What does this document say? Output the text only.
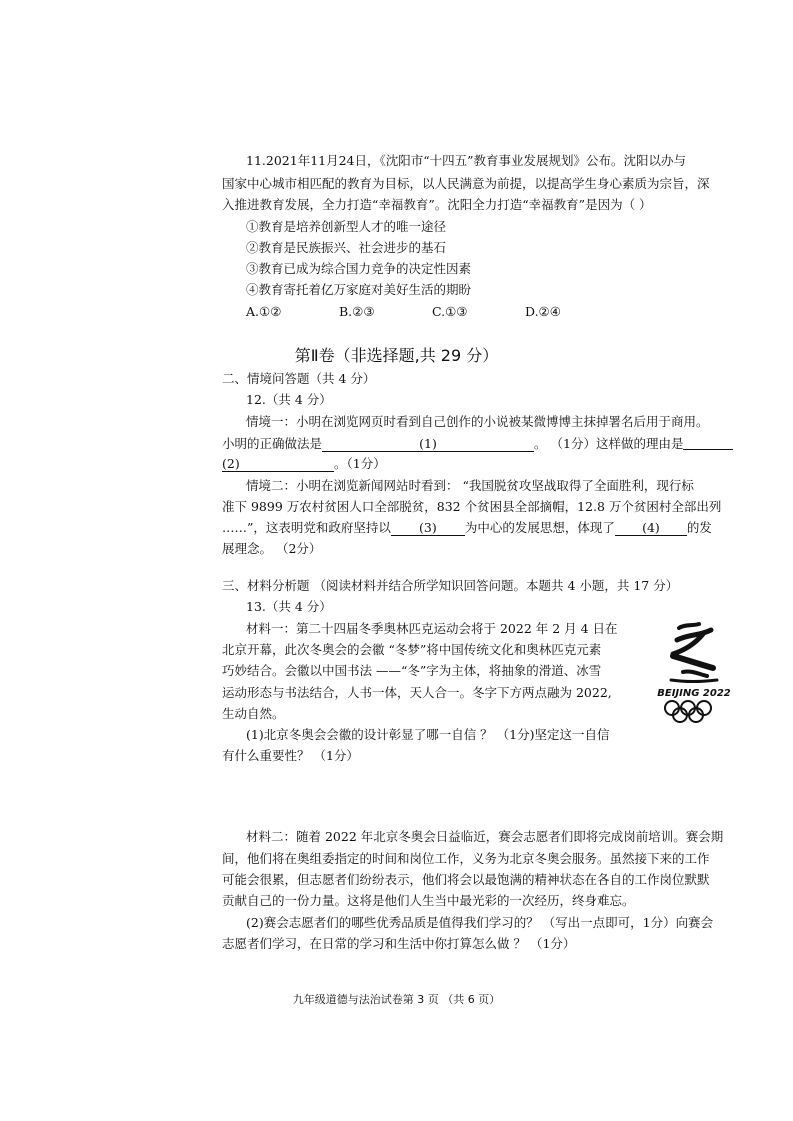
11.2021年11月24日，《沈阳市“十四五”教育事业发展规划》公布。沈阳以办与
国家中心城市相匹配的教育为目标，以人民满意为前提，以提高学生身心素质为宗旨，深
入推进教育发展，全力打造“幸福教育”。沈阳全力打造“幸福教育”是因为（ ）
①教育是培养创新型人才的唯一途径
②教育是民族振兴、社会进步的基石
③教育已成为综合国力竞争的决定性因素
④教育寄托着亿万家庭对美好生活的期盼
A.①②	B.②③	C.①③	D.②④
第Ⅱ卷（非选择题,共 29 分）
二、情境问答题（共 4 分）
12.（共 4 分）
情境一：小明在浏览网页时看到自己创作的小说被某微博博主抹掉署名后用于商用。
小明的正确做法是	(1)	。 （1分）这样做的理由是
(2)	。（1分）
情境二：小明在浏览新闻网站时看到： “我国脱贫攻坚战取得了全面胜利，现行标
准下 9899 万农村贫困人口全部脱贫，832 个贫困县全部摘帽，12.8 万个贫困村全部出列
……”，这表明党和政府坚持以 (3) 为中心的发展思想，体现了 (4) 的发
展理念。 （2分）
三、材料分析题 （阅读材料并结合所学知识回答问题。本题共 4 小题，共 17 分）
13.（共 4 分）
材料一：第二十四届冬季奥林匹克运动会将于 2022 年 2 月 4 日在
北京开幕，此次冬奥会的会徽 “冬梦”将中国传统文化和奥林匹克元素
巧妙结合。会徽以中国书法 ——“冬”字为主体，将抽象的滑道、冰雪
运动形态与书法结合，人书一体，天人合一。冬字下方两点融为 2022,
生动自然。
(1)北京冬奥会会徽的设计彰显了哪一自信 ？ （1分)坚定这一自信
有什么重要性？ （1分）
BEIJING 2022
材料二：随着 2022 年北京冬奥会日益临近，赛会志愿者们即将完成岗前培训。赛会期
间，他们将在奥组委指定的时间和岗位工作，义务为北京冬奥会服务。虽然接下来的工作
可能会很累，但志愿者们纷纷表示，他们将会以最饱满的精神状态在各自的工作岗位默默
贡献自己的一份力量。这将是他们人生当中最光彩的一次经历，终身难忘。
(2)赛会志愿者们的哪些优秀品质是值得我们学习的？ （写出一点即可，1分）向赛会
志愿者们学习，在日常的学习和生活中你打算怎么做 ？ （1分）
九年级道德与法治试卷第 3 页 （共 6 页）
